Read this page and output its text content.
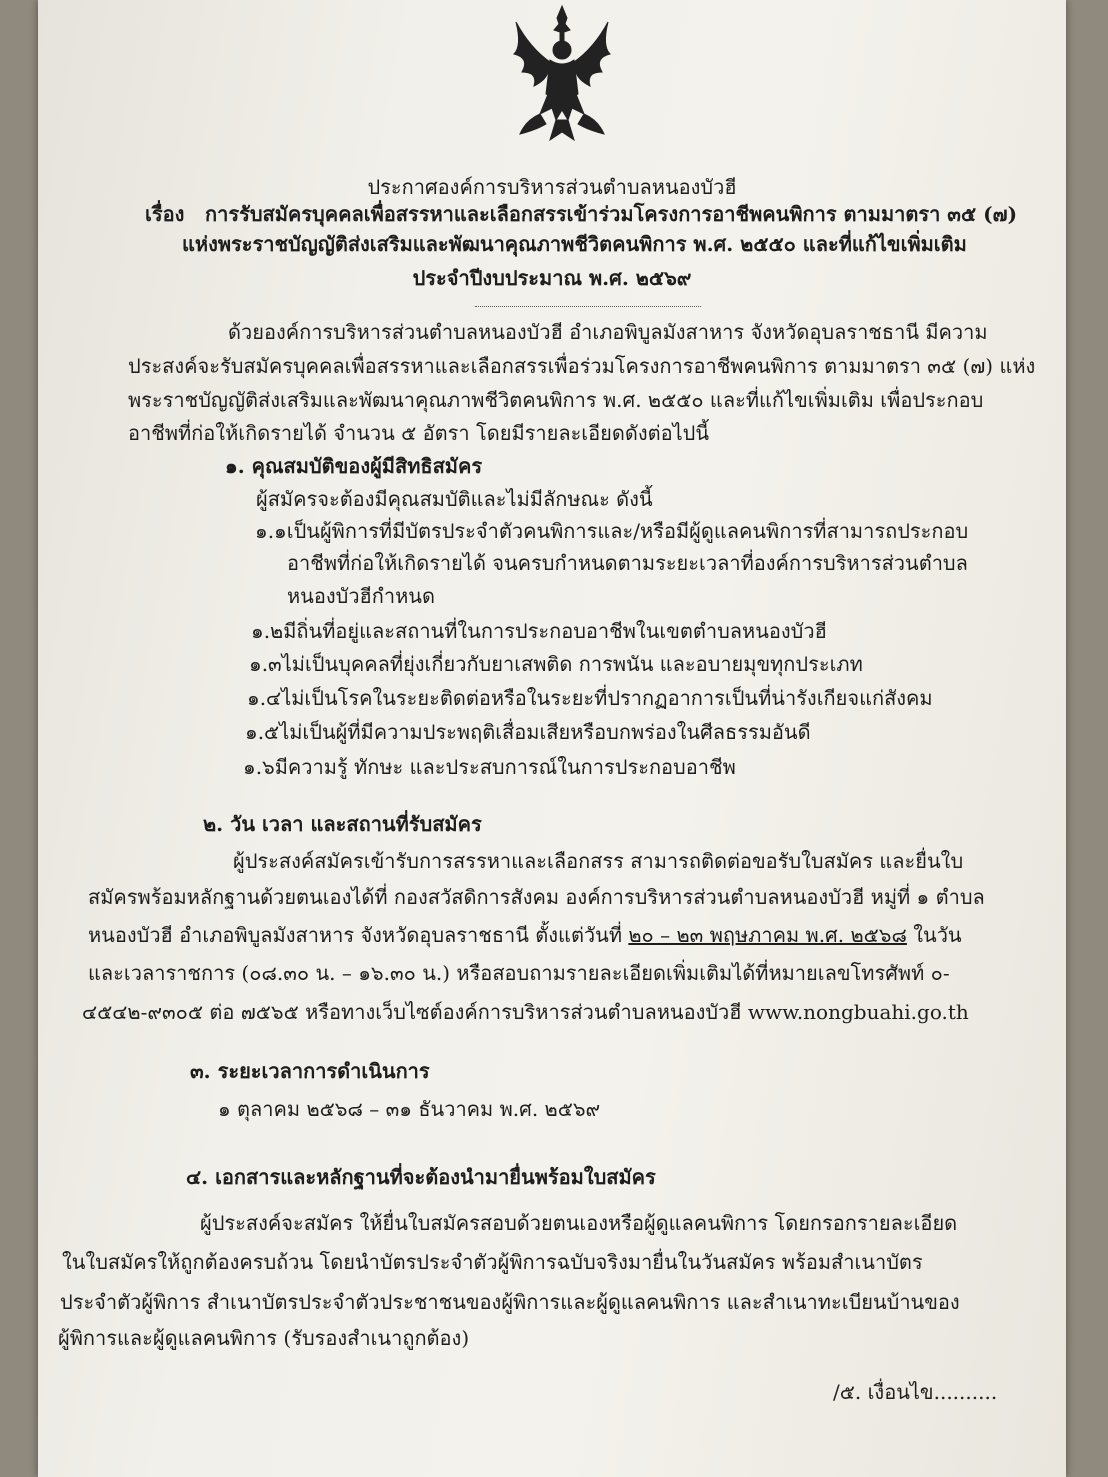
ประกาศองค์การบริหารส่วนตำบลหนองบัวฮี
เรื่อง การรับสมัครบุคคลเพื่อสรรหาและเลือกสรรเข้าร่วมโครงการอาชีพคนพิการ ตามมาตรา ๓๕ (๗)
แห่งพระราชบัญญัติส่งเสริมและพัฒนาคุณภาพชีวิตคนพิการ พ.ศ. ๒๕๕๐ และที่แก้ไขเพิ่มเติม
ประจำปีงบประมาณ พ.ศ. ๒๕๖๙
ด้วยองค์การบริหารส่วนตำบลหนองบัวฮี อำเภอพิบูลมังสาหาร จังหวัดอุบลราชธานี มีความ
ประสงค์จะรับสมัครบุคคลเพื่อสรรหาและเลือกสรรเพื่อร่วมโครงการอาชีพคนพิการ ตามมาตรา ๓๕ (๗) แห่ง
พระราชบัญญัติส่งเสริมและพัฒนาคุณภาพชีวิตคนพิการ พ.ศ. ๒๕๕๐ และที่แก้ไขเพิ่มเติม เพื่อประกอบ
อาชีพที่ก่อให้เกิดรายได้ จำนวน ๕ อัตรา โดยมีรายละเอียดดังต่อไปนี้
๑. คุณสมบัติของผู้มีสิทธิสมัคร
ผู้สมัครจะต้องมีคุณสมบัติและไม่มีลักษณะ ดังนี้
๑.๑เป็นผู้พิการที่มีบัตรประจำตัวคนพิการและ/หรือมีผู้ดูแลคนพิการที่สามารถประกอบ
อาชีพที่ก่อให้เกิดรายได้ จนครบกำหนดตามระยะเวลาที่องค์การบริหารส่วนตำบล
หนองบัวฮีกำหนด
๑.๒มีถิ่นที่อยู่และสถานที่ในการประกอบอาชีพในเขตตำบลหนองบัวฮี
๑.๓ไม่เป็นบุคคลที่ยุ่งเกี่ยวกับยาเสพติด การพนัน และอบายมุขทุกประเภท
๑.๔ไม่เป็นโรคในระยะติดต่อหรือในระยะที่ปรากฏอาการเป็นที่น่ารังเกียจแก่สังคม
๑.๕ไม่เป็นผู้ที่มีความประพฤติเสื่อมเสียหรือบกพร่องในศีลธรรมอันดี
๑.๖มีความรู้ ทักษะ และประสบการณ์ในการประกอบอาชีพ
๒. วัน เวลา และสถานที่รับสมัคร
ผู้ประสงค์สมัครเข้ารับการสรรหาและเลือกสรร สามารถติดต่อขอรับใบสมัคร และยื่นใบ
สมัครพร้อมหลักฐานด้วยตนเองได้ที่ กองสวัสดิการสังคม องค์การบริหารส่วนตำบลหนองบัวฮี หมู่ที่ ๑ ตำบล
หนองบัวฮี อำเภอพิบูลมังสาหาร จังหวัดอุบลราชธานี ตั้งแต่วันที่ ๒๐ – ๒๓ พฤษภาคม พ.ศ. ๒๕๖๘ ในวัน
และเวลาราชการ (๐๘.๓๐ น. – ๑๖.๓๐ น.) หรือสอบถามรายละเอียดเพิ่มเติมได้ที่หมายเลขโทรศัพท์ ๐-
๔๕๔๒-๙๓๐๕ ต่อ ๗๕๖๕ หรือทางเว็บไซต์องค์การบริหารส่วนตำบลหนองบัวฮี www.nongbuahi.go.th
๓. ระยะเวลาการดำเนินการ
๑ ตุลาคม ๒๕๖๘ – ๓๑ ธันวาคม พ.ศ. ๒๕๖๙
๔. เอกสารและหลักฐานที่จะต้องนำมายื่นพร้อมใบสมัคร
ผู้ประสงค์จะสมัคร ให้ยื่นใบสมัครสอบด้วยตนเองหรือผู้ดูแลคนพิการ โดยกรอกรายละเอียด
ในใบสมัครให้ถูกต้องครบถ้วน โดยนำบัตรประจำตัวผู้พิการฉบับจริงมายื่นในวันสมัคร พร้อมสำเนาบัตร
ประจำตัวผู้พิการ สำเนาบัตรประจำตัวประชาชนของผู้พิการและผู้ดูแลคนพิการ และสำเนาทะเบียนบ้านของ
ผู้พิการและผู้ดูแลคนพิการ (รับรองสำเนาถูกต้อง)
/๕. เงื่อนไข..........
